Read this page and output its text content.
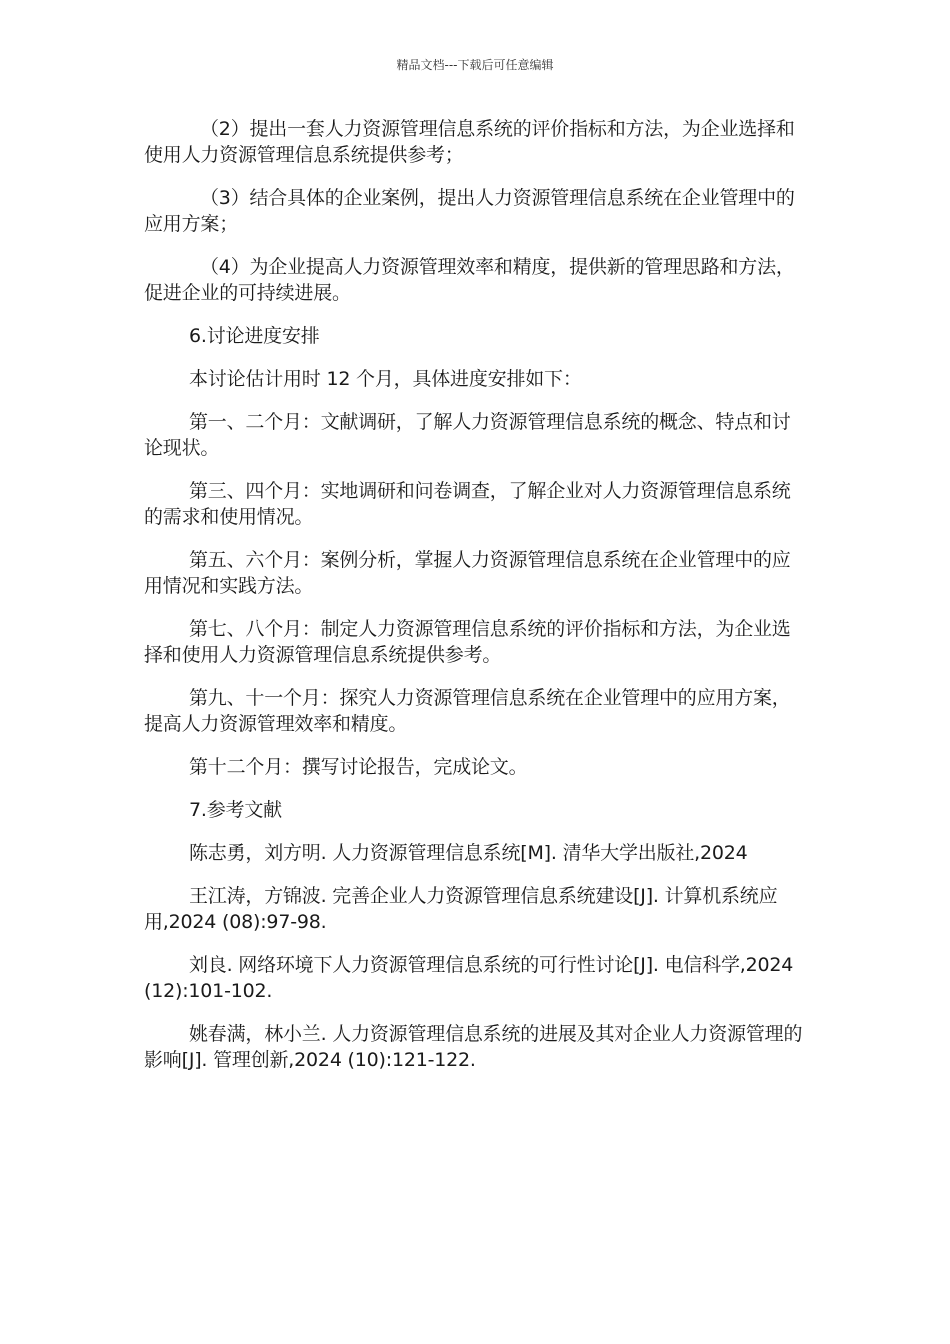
精品文档---下载后可任意编辑

（2）提出一套人力资源管理信息系统的评价指标和方法，为企业选择和使用人力资源管理信息系统提供参考；

（3）结合具体的企业案例，提出人力资源管理信息系统在企业管理中的应用方案；

（4）为企业提高人力资源管理效率和精度，提供新的管理思路和方法，促进企业的可持续进展。

6.讨论进度安排

本讨论估计用时 12 个月，具体进度安排如下：

第一、二个月：文献调研，了解人力资源管理信息系统的概念、特点和讨论现状。

第三、四个月：实地调研和问卷调查，了解企业对人力资源管理信息系统的需求和使用情况。

第五、六个月：案例分析，掌握人力资源管理信息系统在企业管理中的应用情况和实践方法。

第七、八个月：制定人力资源管理信息系统的评价指标和方法，为企业选择和使用人力资源管理信息系统提供参考。

第九、十一个月：探究人力资源管理信息系统在企业管理中的应用方案，提高人力资源管理效率和精度。

第十二个月：撰写讨论报告，完成论文。

7.参考文献

陈志勇，刘方明. 人力资源管理信息系统[M]. 清华大学出版社,2024

王江涛，方锦波. 完善企业人力资源管理信息系统建设[J]. 计算机系统应用,2024 (08):97-98.

刘良. 网络环境下人力资源管理信息系统的可行性讨论[J]. 电信科学,2024 (12):101-102.

姚春满，林小兰. 人力资源管理信息系统的进展及其对企业人力资源管理的影响[J]. 管理创新,2024 (10):121-122.
